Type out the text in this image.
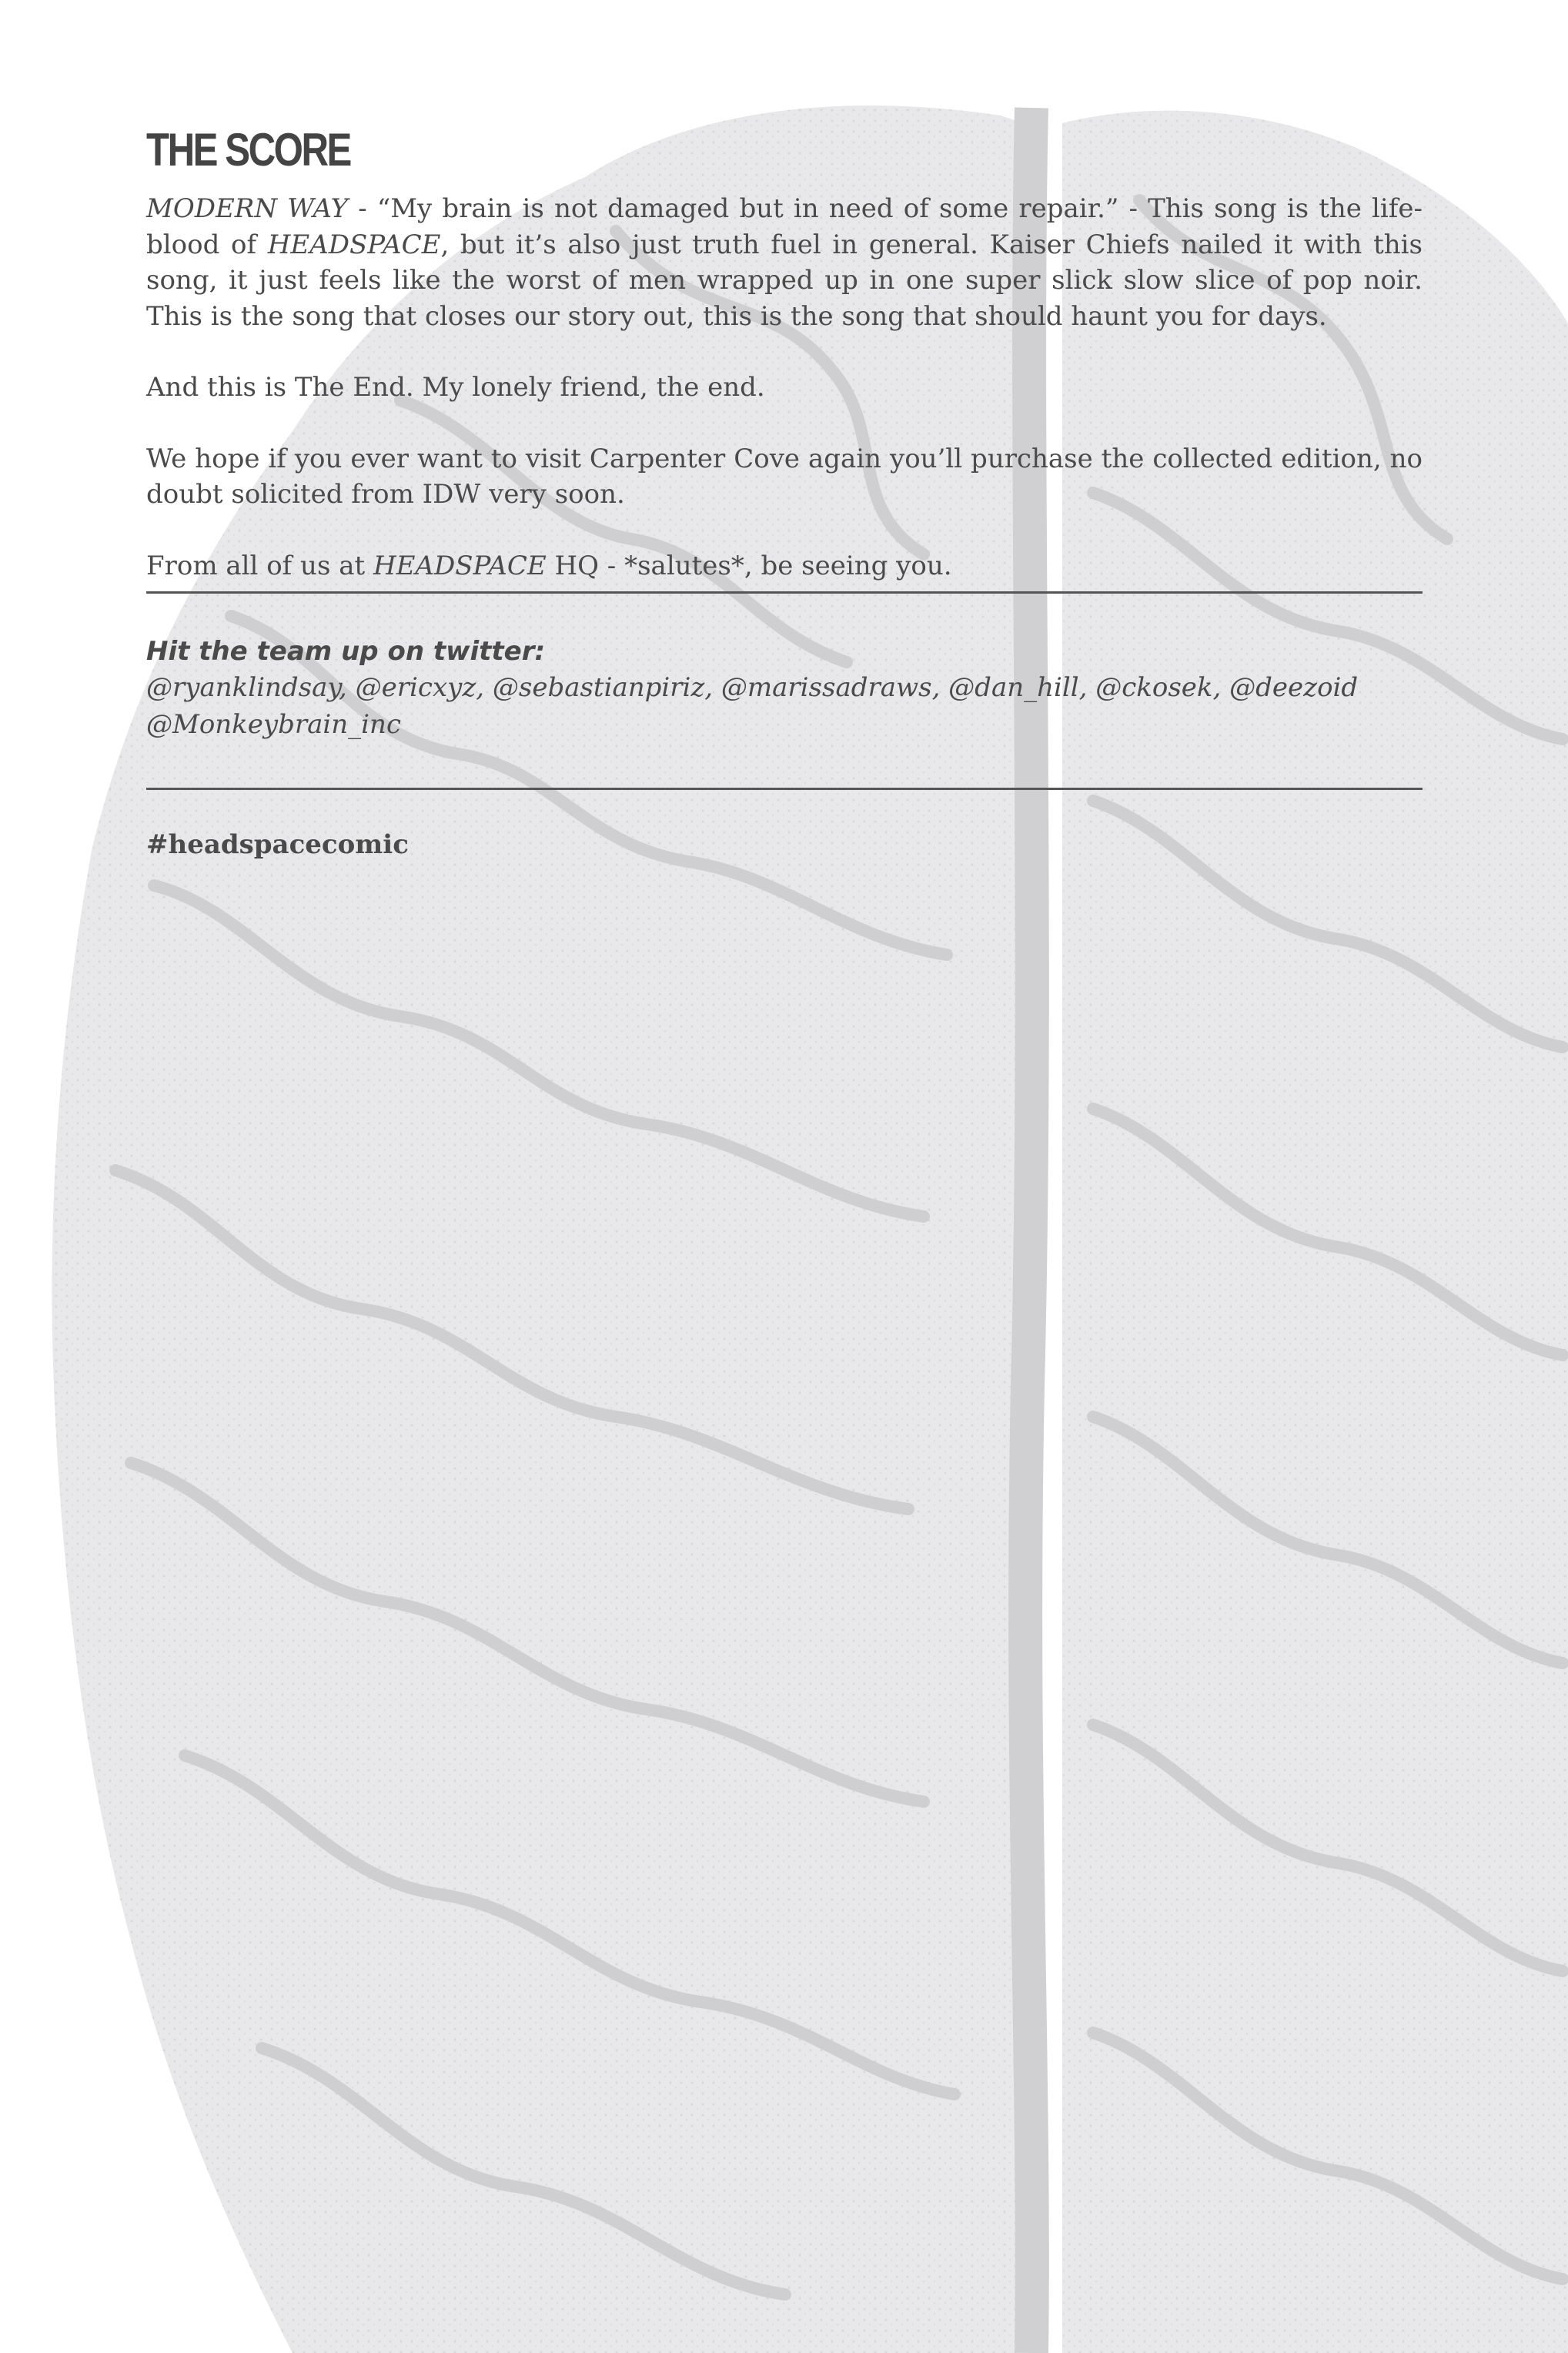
THE SCORE

MODERN WAY - “My brain is not damaged but in need of some repair.” - This song is the life-blood of HEADSPACE, but it’s also just truth fuel in general. Kaiser Chiefs nailed it with this song, it just feels like the worst of men wrapped up in one super slick slow slice of pop noir. This is the song that closes our story out, this is the song that should haunt you for days.

And this is The End. My lonely friend, the end.

We hope if you ever want to visit Carpenter Cove again you’ll purchase the collected edition, no doubt solicited from IDW very soon.

From all of us at HEADSPACE HQ - *salutes*, be seeing you.

Hit the team up on twitter:
@ryanklindsay, @ericxyz, @sebastianpiriz, @marissadraws, @dan_hill, @ckosek, @deezoid
@Monkeybrain_inc
#headspacecomic
